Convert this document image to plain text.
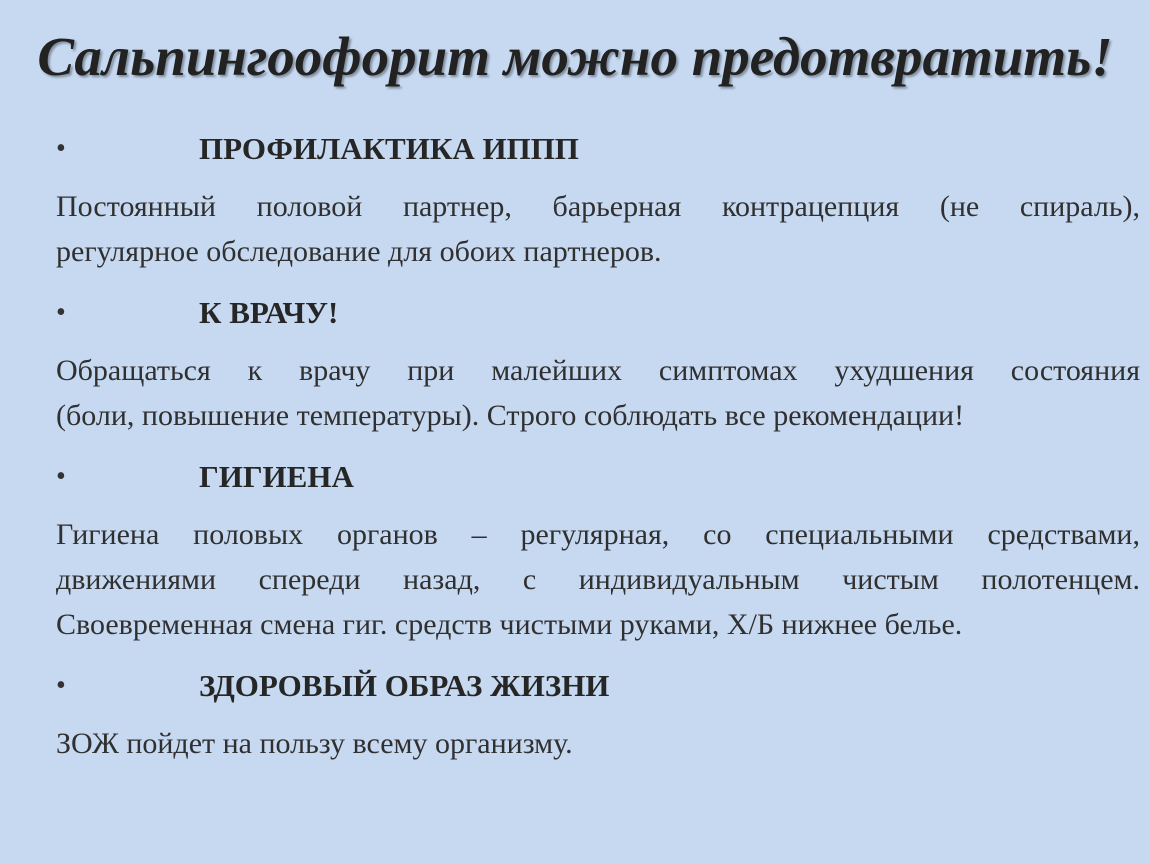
Сальпингоофорит можно предотвратить!
•	ПРОФИЛАКТИКА ИППП
Постоянный половой партнер, барьерная контрацепция (не спираль),
регулярное обследование для обоих партнеров.
•	К ВРАЧУ!
Обращаться к врачу при малейших симптомах ухудшения состояния
(боли, повышение температуры). Строго соблюдать все рекомендации!
•	ГИГИЕНА
Гигиена половых органов – регулярная, со специальными средствами,
движениями спереди назад, с индивидуальным чистым полотенцем.
Своевременная смена гиг. средств чистыми руками, Х/Б нижнее белье.
•	ЗДОРОВЫЙ ОБРАЗ ЖИЗНИ
ЗОЖ пойдет на пользу всему организму.
